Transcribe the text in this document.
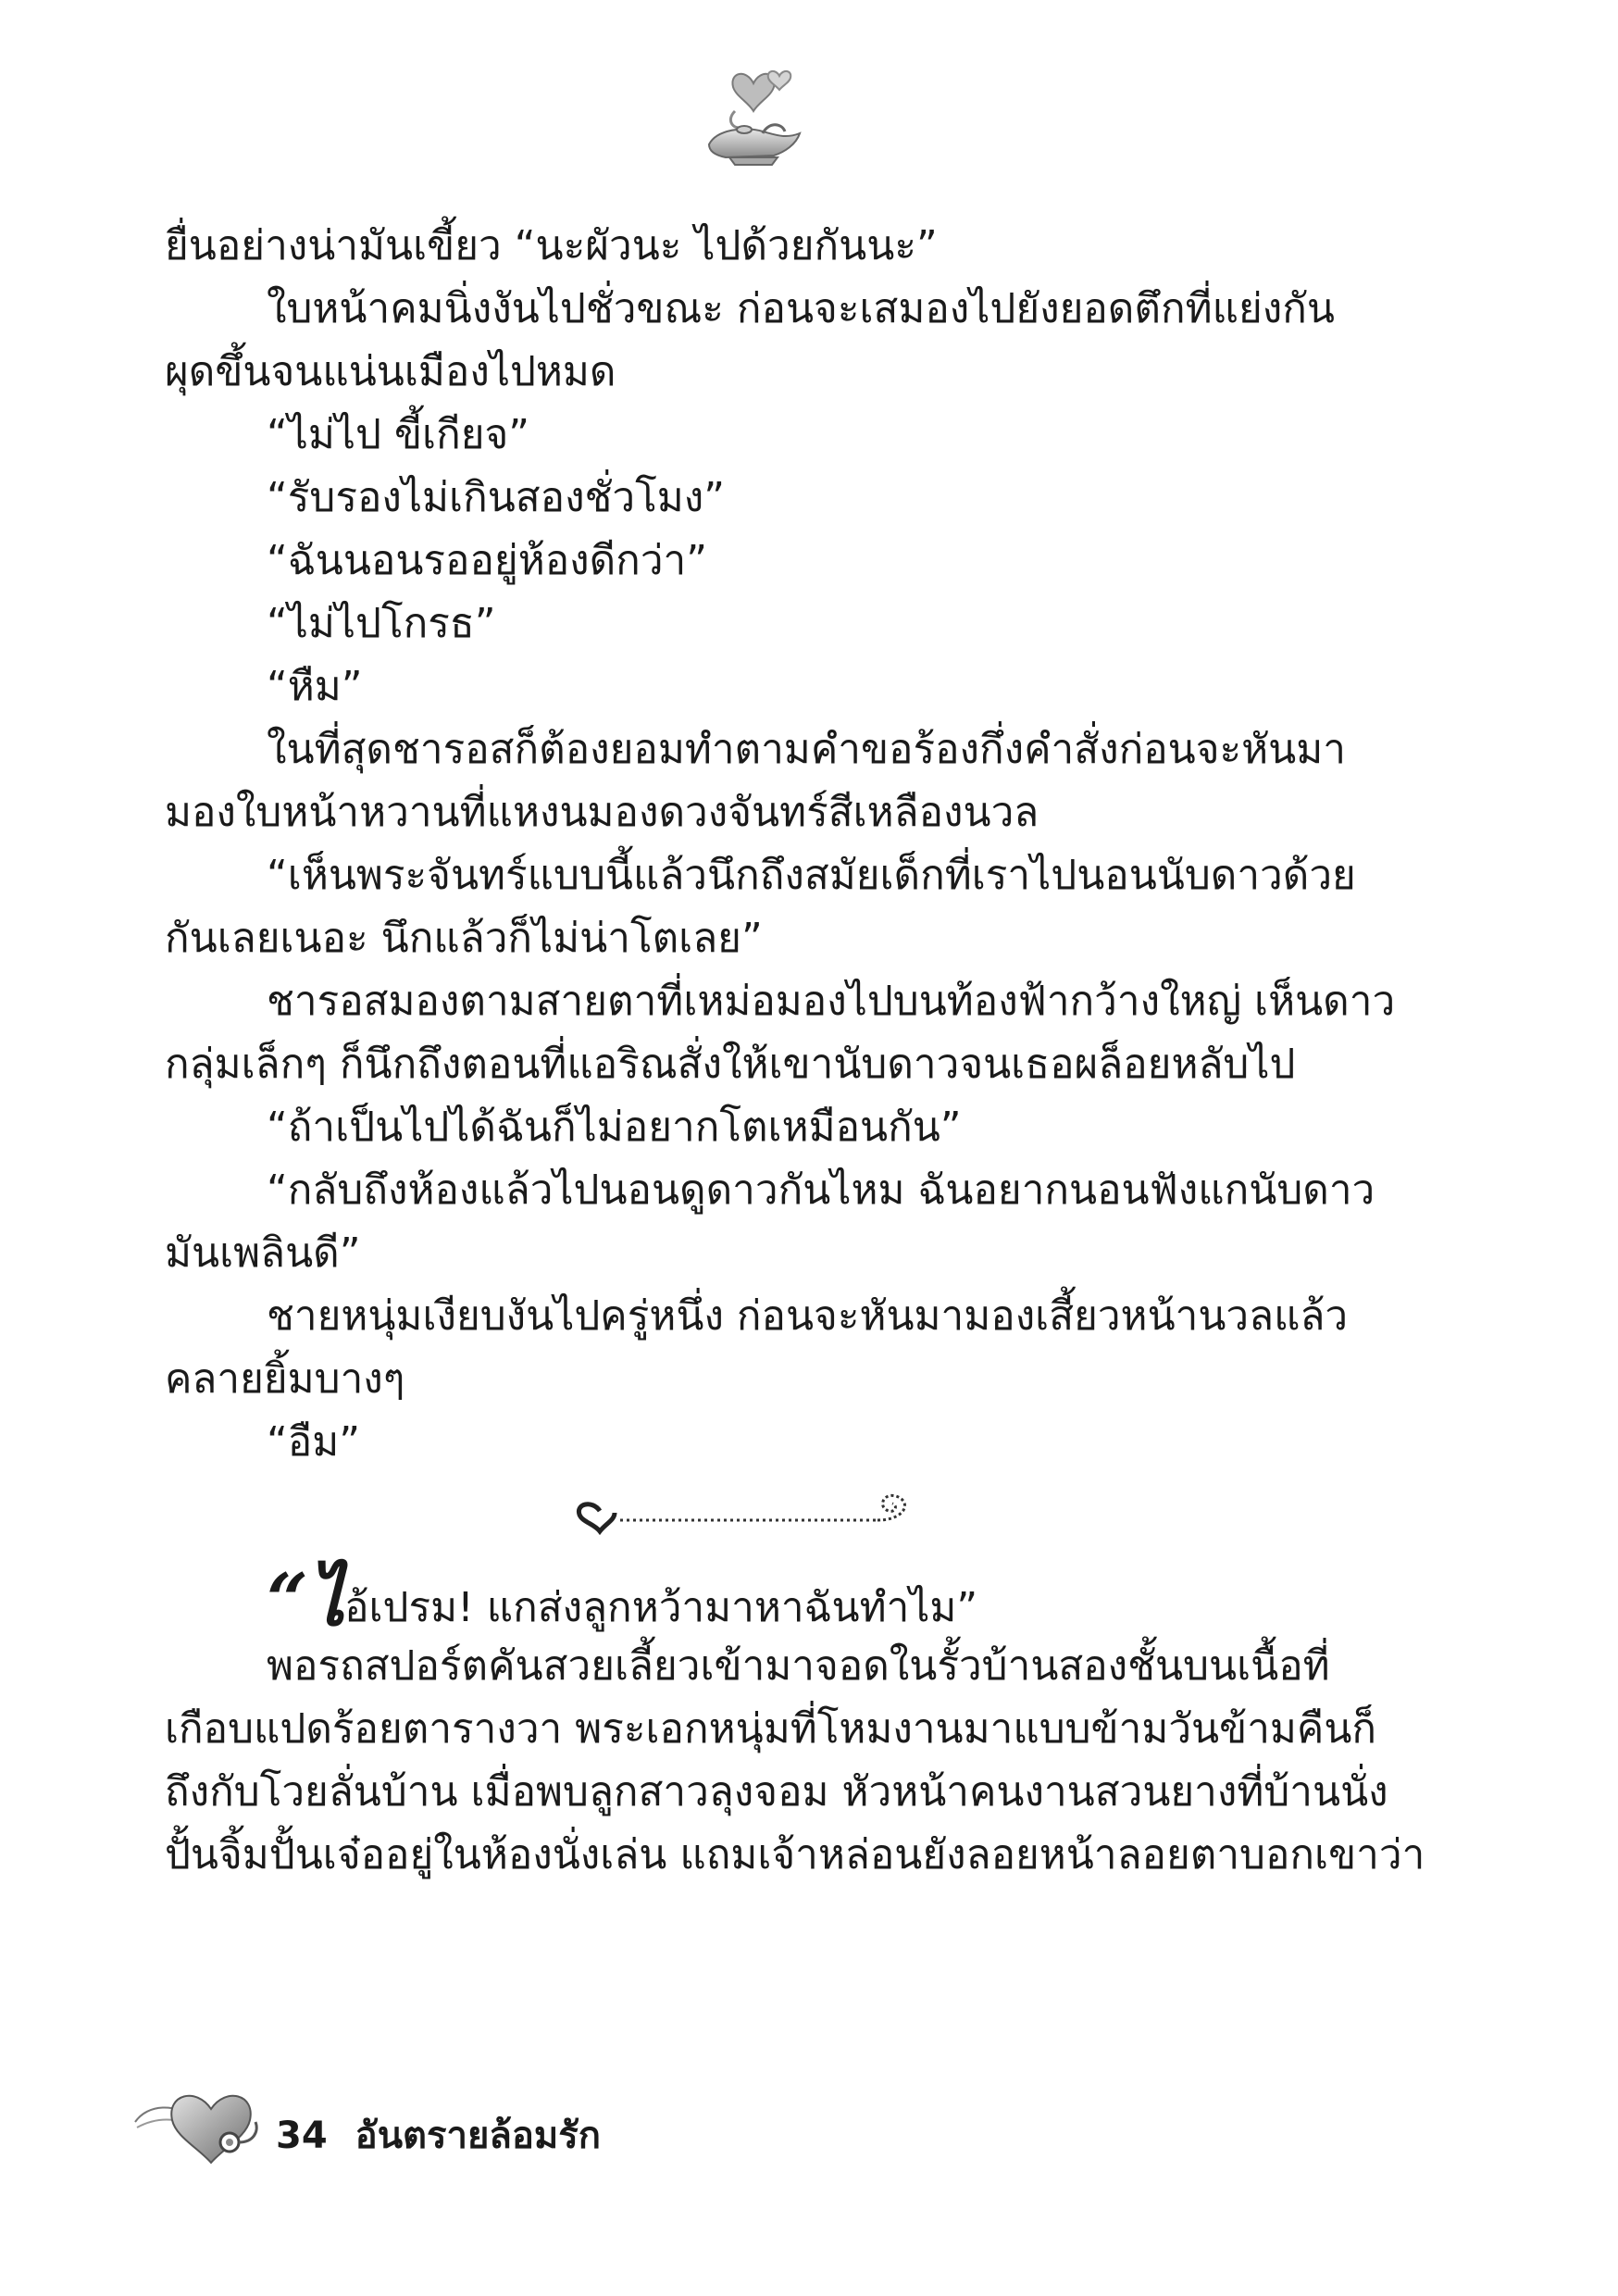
ยื่นอย่างน่ามันเขี้ยว “นะผัวนะ ไปด้วยกันนะ”
ใบหน้าคมนิ่งงันไปชั่วขณะ ก่อนจะเสมองไปยังยอดตึกที่แย่งกัน
ผุดขึ้นจนแน่นเมืองไปหมด
“ไม่ไป ขี้เกียจ”
“รับรองไม่เกินสองชั่วโมง”
“ฉันนอนรออยู่ห้องดีกว่า”
“ไม่ไปโกรธ”
“หืม”
ในที่สุดชารอสก็ต้องยอมทำตามคำขอร้องกึ่งคำสั่งก่อนจะหันมา
มองใบหน้าหวานที่แหงนมองดวงจันทร์สีเหลืองนวล
“เห็นพระจันทร์แบบนี้แล้วนึกถึงสมัยเด็กที่เราไปนอนนับดาวด้วย
กันเลยเนอะ นึกแล้วก็ไม่น่าโตเลย”
ชารอสมองตามสายตาที่เหม่อมองไปบนท้องฟ้ากว้างใหญ่ เห็นดาว
กลุ่มเล็กๆ ก็นึกถึงตอนที่แอริณสั่งให้เขานับดาวจนเธอผล็อยหลับไป
“ถ้าเป็นไปได้ฉันก็ไม่อยากโตเหมือนกัน”
“กลับถึงห้องแล้วไปนอนดูดาวกันไหม ฉันอยากนอนฟังแกนับดาว
มันเพลินดี”
ชายหนุ่มเงียบงันไปครู่หนึ่ง ก่อนจะหันมามองเสี้ยวหน้านวลแล้ว
คลายยิ้มบางๆ
“อืม”
“ไอ้เปรม! แกส่งลูกหว้ามาหาฉันทำไม”
พอรถสปอร์ตคันสวยเลี้ยวเข้ามาจอดในรั้วบ้านสองชั้นบนเนื้อที่
เกือบแปดร้อยตารางวา พระเอกหนุ่มที่โหมงานมาแบบข้ามวันข้ามคืนก็
ถึงกับโวยลั่นบ้าน เมื่อพบลูกสาวลุงจอม หัวหน้าคนงานสวนยางที่บ้านนั่ง
ปั้นจิ้มปั้นเจ๋ออยู่ในห้องนั่งเล่น แถมเจ้าหล่อนยังลอยหน้าลอยตาบอกเขาว่า
34 อันตรายล้อมรัก
